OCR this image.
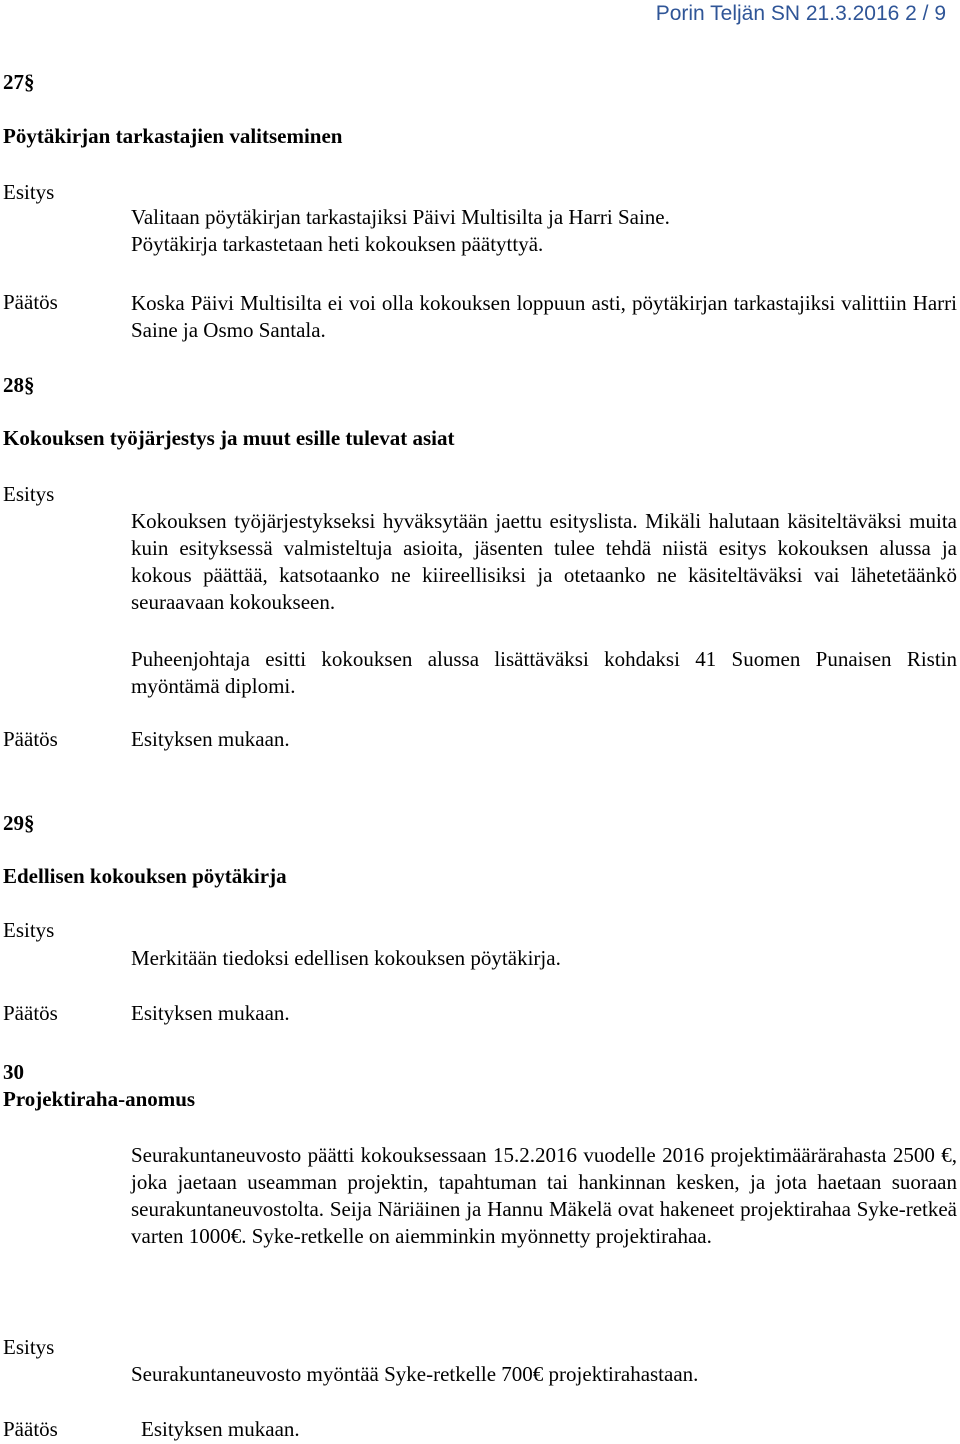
Porin Teljän SN 21.3.2016 2 / 9
27§
Pöytäkirjan tarkastajien valitseminen
Esitys
Valitaan pöytäkirjan tarkastajiksi Päivi Multisilta ja Harri Saine.
Pöytäkirja tarkastetaan heti kokouksen päätyttyä.
Päätös	Koska Päivi Multisilta ei voi olla kokouksen loppuun asti, pöytäkirjan tarkastajiksi valittiin Harri Saine ja Osmo Santala.
28§
Kokouksen työjärjestys ja muut esille tulevat asiat
Esitys
Kokouksen työjärjestykseksi hyväksytään jaettu esityslista. Mikäli halutaan käsiteltäväksi muita kuin esityksessä valmisteltuja asioita, jäsenten tulee tehdä niistä esitys kokouksen alussa ja kokous päättää, katsotaanko ne kiireellisiksi ja otetaanko ne käsiteltäväksi vai lähetetäänkö seuraavaan kokoukseen.
Puheenjohtaja esitti kokouksen alussa lisättäväksi kohdaksi 41 Suomen Punaisen Ristin myöntämä diplomi.
Päätös	Esityksen mukaan.
29§
Edellisen kokouksen pöytäkirja
Esitys
Merkitään tiedoksi edellisen kokouksen pöytäkirja.
Päätös	Esityksen mukaan.
30
Projektiraha-anomus
Seurakuntaneuvosto päätti kokouksessaan 15.2.2016 vuodelle 2016 projektimäärärahasta 2500 €, joka jaetaan useamman projektin, tapahtuman tai hankinnan kesken, ja jota haetaan suoraan seurakuntaneuvostolta. Seija Näriäinen ja Hannu Mäkelä ovat hakeneet projektirahaa Syke-retkeä varten 1000€. Syke-retkelle on aiemminkin myönnetty projektirahaa.
Esitys
Seurakuntaneuvosto myöntää Syke-retkelle 700€ projektirahastaan.
Päätös	Esityksen mukaan.
